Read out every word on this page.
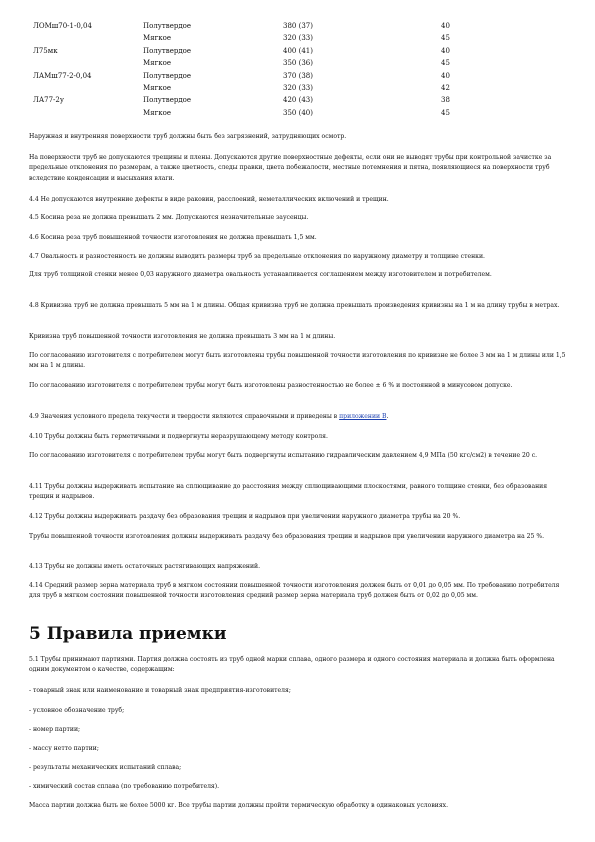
ЛОМш70-1-0,04	Полутвердое	380 (37)	40
	Мягкое	320 (33)	45
Л75мк	Полутвердое	400 (41)	40
	Мягкое	350 (36)	45
ЛАМш77-2-0,04	Полутвердое	370 (38)	40
	Мягкое	320 (33)	42
ЛА77-2у	Полутвердое	420 (43)	38
	Мягкое	350 (40)	45

Наружная и внутренняя поверхности труб должны быть без загрязнений, затрудняющих осмотр.

На поверхности труб не допускаются трещины и плены. Допускаются другие поверхностные дефекты, если они не выводят трубы при контрольной зачистке за предельные отклонения по размерам, а также цветность, следы правки, цвета побежалости, местные потемнения и пятна, появляющиеся на поверхности труб вследствие конденсации и высыхания влаги.

4.4 Не допускаются внутренние дефекты в виде раковин, расслоений, неметаллических включений и трещин.

4.5 Косина реза не должна превышать 2 мм. Допускаются незначительные заусенцы.

4.6 Косина реза труб повышенной точности изготовления не должна превышать 1,5 мм.

4.7 Овальность и разностенность не должны выводить размеры труб за предельные отклонения по наружному диаметру и толщине стенки.

Для труб толщиной стенки менее 0,03 наружного диаметра овальность устанавливается соглашением между изготовителем и потребителем.

4.8 Кривизна труб не должна превышать 5 мм на 1 м длины. Общая кривизна труб не должна превышать произведения кривизны на 1 м на длину трубы в метрах.

Кривизна труб повышенной точности изготовления не должна превышать 3 мм на 1 м длины.

По согласованию изготовителя с потребителем могут быть изготовлены трубы повышенной точности изготовления по кривизне не более 3 мм на 1 м длины или 1,5 мм на 1 м длины.

По согласованию изготовителя с потребителем трубы могут быть изготовлены разностенностью не более ± 6 % и постоянной в минусовом допуске.

4.9 Значения условного предела текучести и твердости являются справочными и приведены в приложении В.

4.10 Трубы должны быть герметичными и подвергнуты неразрушающему методу контроля.

По согласованию изготовителя с потребителем трубы могут быть подвергнуты испытанию гидравлическим давлением 4,9 МПа (50 кгс/см2) в течение 20 с.

4.11 Трубы должны выдерживать испытание на сплющивание до расстояния между сплющивающими плоскостями, равного толщине стенки, без образования трещин и надрывов.

4.12 Трубы должны выдерживать раздачу без образования трещин и надрывов при увеличении наружного диаметра трубы на 20 %.

Трубы повышенной точности изготовления должны выдерживать раздачу без образования трещин и надрывов при увеличении наружного диаметра на 25 %.

4.13 Трубы не должны иметь остаточных растягивающих напряжений.

4.14 Средний размер зерна материала труб в мягком состоянии повышенной точности изготовления должен быть от 0,01 до 0,05 мм. По требованию потребителя для труб в мягком состоянии повышенной точности изготовления средний размер зерна материала труб должен быть от 0,02 до 0,05 мм.

5 Правила приемки

5.1 Трубы принимают партиями. Партия должна состоять из труб одной марки сплава, одного размера и одного состояния материала и должна быть оформлена одним документом о качестве, содержащим:

- товарный знак или наименование и товарный знак предприятия-изготовителя;

- условное обозначение труб;

- номер партии;

- массу нетто партии;

- результаты механических испытаний сплава;

- химический состав сплава (по требованию потребителя).

Масса партии должна быть не более 5000 кг. Все трубы партии должны пройти термическую обработку в одинаковых условиях.
